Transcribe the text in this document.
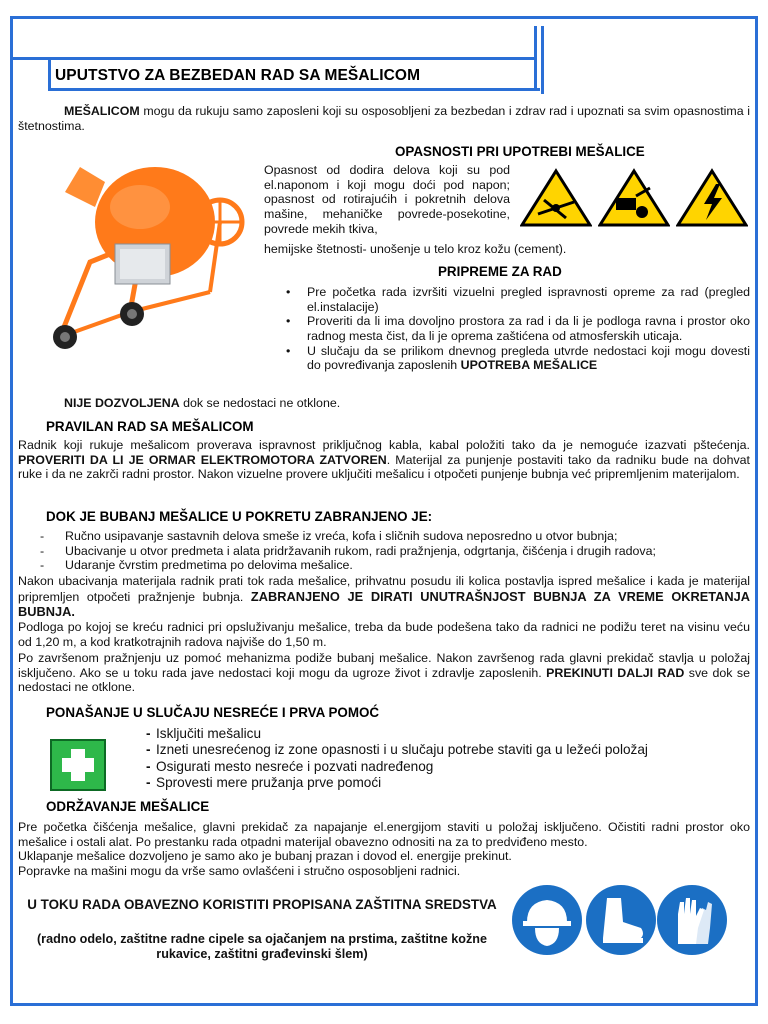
UPUTSTVO ZA BEZBEDAN RAD SA MEŠALICOM

MEŠALICOM mogu da rukuju samo zaposleni koji su osposobljeni za bezbedan i zdrav rad i upoznati sa svim opasnostima i štetnostima.

OPASNOSTI PRI UPOTREBI MEŠALICE

Opasnost od dodira delova koji su pod el.naponom i koji mogu doći pod napon; opasnost od rotirajućih i pokretnih delova mašine, mehaničke povrede-posekotine, povrede mekih tkiva,

hemijske štetnosti- unošenje u telo kroz kožu (cement).

PRIPREME ZA RAD
• Pre početka rada izvršiti vizuelni pregled ispravnosti opreme za rad (pregled el.instalacije)
• Proveriti da li ima dovoljno prostora za rad i da li je podloga ravna i prostor oko radnog mesta čist, da li je oprema zaštićena od atmosferskih uticaja.
• U slučaju da se prilikom dnevnog pregleda utvrde nedostaci koji mogu dovesti do povređivanja zaposlenih UPOTREBA MEŠALICE

NIJE DOZVOLJENA dok se nedostaci ne otklone.

PRAVILAN RAD SA MEŠALICOM

Radnik koji rukuje mešalicom proverava ispravnost priključnog kabla, kabal položiti tako da je nemoguće izazvati pštećenja. PROVERITI DA LI JE ORMAR ELEKTROMOTORA ZATVOREN. Materijal za punjenje postaviti tako da radniku bude na dohvat ruke i da ne zakrči radni prostor. Nakon vizuelne provere uključiti mešalicu i otpočeti punjenje bubnja već pripremljenim materijalom.

DOK JE BUBANJ MEŠALICE U POKRETU ZABRANJENO JE:
- Ručno usipavanje sastavnih delova smeše iz vreća, kofa i sličnih sudova neposredno u otvor bubnja;
- Ubacivanje u otvor predmeta i alata pridržavanih rukom, radi pražnjenja, odgrtanja, čišćenja i drugih radova;
- Udaranje čvrstim predmetima po delovima mešalice.

Nakon ubacivanja materijala radnik prati tok rada mešalice, prihvatnu posudu ili kolica postavlja ispred mešalice i kada je materijal pripremljen otpočeti pražnjenje bubnja. ZABRANJENO JE DIRATI UNUTRAŠNJOST BUBNJA ZA VREME OKRETANJA BUBNJA.

Podloga po kojoj se kreću radnici pri opsluživanju mešalice, treba da bude podešena tako da radnici ne podižu teret na visinu veću od 1,20 m, a kod kratkotrajnih radova najviše do 1,50 m.

Po završenom pražnjenju uz pomoć mehanizma podiže bubanj mešalice. Nakon završenog rada glavni prekidač stavlja u položaj isključeno. Ako se u toku rada jave nedostaci koji mogu da ugroze život i zdravlje zaposlenih. PREKINUTI DALJI RAD sve dok se nedostaci ne otklone.

PONAŠANJE U SLUČAJU NESREĆE I PRVA POMOĆ
- Isključiti mešalicu
- Izneti unesrećenog iz zone opasnosti i u slučaju potrebe staviti ga u ležeći položaj
- Osigurati mesto nesreće i pozvati nadređenog
- Sprovesti mere pružanja prve pomoći
ODRŽAVANJE MEŠALICE

Pre početka čišćenja mešalice, glavni prekidač za napajanje el.energijom staviti u položaj isključeno. Očistiti radni prostor oko mešalice i ostali alat. Po prestanku rada otpadni materijal obavezno odnositi na za to predviđeno mesto.

Uklapanje mešalice dozvoljeno je samo ako je bubanj prazan i dovod el. energije prekinut.

Popravke na mašini mogu da vrše samo ovlašćeni i stručno osposobljeni radnici.

U TOKU RADA OBAVEZNO KORISTITI PROPISANA ZAŠTITNA SREDSTVA
(radno odelo, zaštitne radne cipele sa ojačanjem na prstima, zaštitne kožne rukavice, zaštitni građevinski šlem)
